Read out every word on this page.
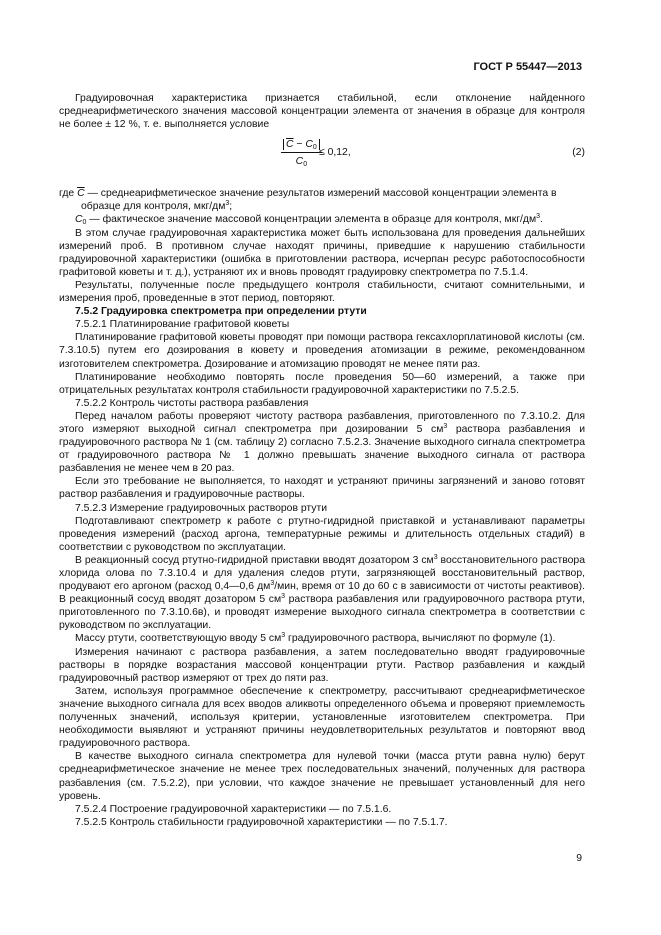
ГОСТ Р 55447—2013

Градуировочная характеристика признается стабильной, если отклонение найденного среднеарифметического значения массовой концентрации элемента от значения в образце для контроля не более ± 12 %, т. е. выполняется условие

$\frac{\overline{C} - C_0}{C_0}$
≤ 0,12,	(2)

где $\overline{C}$ — среднеарифметическое значение результатов измерений массовой концентрации элемента в

образце для контроля, мкг/$дм^3$;

$C_0$ — фактическое значение массовой концентрации элемента в образце для контроля, мкг/$дм^3$.

В этом случае градуировочная характеристика может быть использована для проведения дальнейших измерений проб. В противном случае находят причины, приведшие к нарушению стабильности градуировочной характеристики (ошибка в приготовлении раствора, исчерпан ресурс работоспособности графитовой кюветы и т. д.), устраняют их и вновь проводят градуировку спектрометра по 7.5.1.4.

Результаты, полученные после предыдущего контроля стабильности, считают сомнительными, и измерения проб, проведенные в этот период, повторяют.

7.5.2 Градуировка спектрометра при определении ртути

7.5.2.1 Платинирование графитовой кюветы

Платинирование графитовой кюветы проводят при помощи раствора гексахлорплатиновой кислоты (см. 7.3.10.5) путем его дозирования в кювету и проведения атомизации в режиме, рекомендованном изготовителем спектрометра. Дозирование и атомизацию проводят не менее пяти раз.

Платинирование необходимо повторять после проведения 50—60 измерений, а также при отрицательных результатах контроля стабильности градуировочной характеристики по 7.5.2.5.

7.5.2.2 Контроль чистоты раствора разбавления

Перед началом работы проверяют чистоту раствора разбавления, приготовленного по 7.3.10.2. Для этого измеряют выходной сигнал спектрометра при дозировании 5 $см^3$ раствора разбавления и градуировочного раствора № 1 (см. таблицу 2) согласно 7.5.2.3. Значение выходного сигнала спектрометра от градуировочного раствора № 1 должно превышать значение выходного сигнала от раствора разбавления не менее чем в 20 раз.

Если это требование не выполняется, то находят и устраняют причины загрязнений и заново готовят раствор разбавления и градуировочные растворы.

7.5.2.3 Измерение градуировочных растворов ртути

Подготавливают спектрометр к работе с ртутно-гидридной приставкой и устанавливают параметры проведения измерений (расход аргона, температурные режимы и длительность отдельных стадий) в соответствии с руководством по эксплуатации.

В реакционный сосуд ртутно-гидридной приставки вводят дозатором 3 $см^3$ восстановительного раствора хлорида олова по 7.3.10.4 и для удаления следов ртути, загрязняющей восстановительный раствор, продувают его аргоном (расход 0,4—0,6 $дм^3$/мин, время от 10 до 60 с в зависимости от чистоты реактивов). В реакционный сосуд вводят дозатором 5 $см^3$ раствора разбавления или градуировочного раствора ртути, приготовленного по 7.3.10.6в), и проводят измерение выходного сигнала спектрометра в соответствии с руководством по эксплуатации.

Массу ртути, соответствующую вводу 5 $см^3$ градуировочного раствора, вычисляют по формуле (1).

Измерения начинают с раствора разбавления, а затем последовательно вводят градуировочные растворы в порядке возрастания массовой концентрации ртути. Раствор разбавления и каждый градуировочный раствор измеряют от трех до пяти раз.

Затем, используя программное обеспечение к спектрометру, рассчитывают среднеарифметическое значение выходного сигнала для всех вводов аликвоты определенного объема и проверяют приемлемость полученных значений, используя критерии, установленные изготовителем спектрометра. При необходимости выявляют и устраняют причины неудовлетворительных результатов и повторяют ввод градуировочного раствора.

В качестве выходного сигнала спектрометра для нулевой точки (масса ртути равна нулю) берут среднеарифметическое значение не менее трех последовательных значений, полученных для раствора разбавления (см. 7.5.2.2), при условии, что каждое значение не превышает установленный для него уровень.

7.5.2.4 Построение градуировочной характеристики — по 7.5.1.6.

7.5.2.5 Контроль стабильности градуировочной характеристики — по 7.5.1.7.

9
